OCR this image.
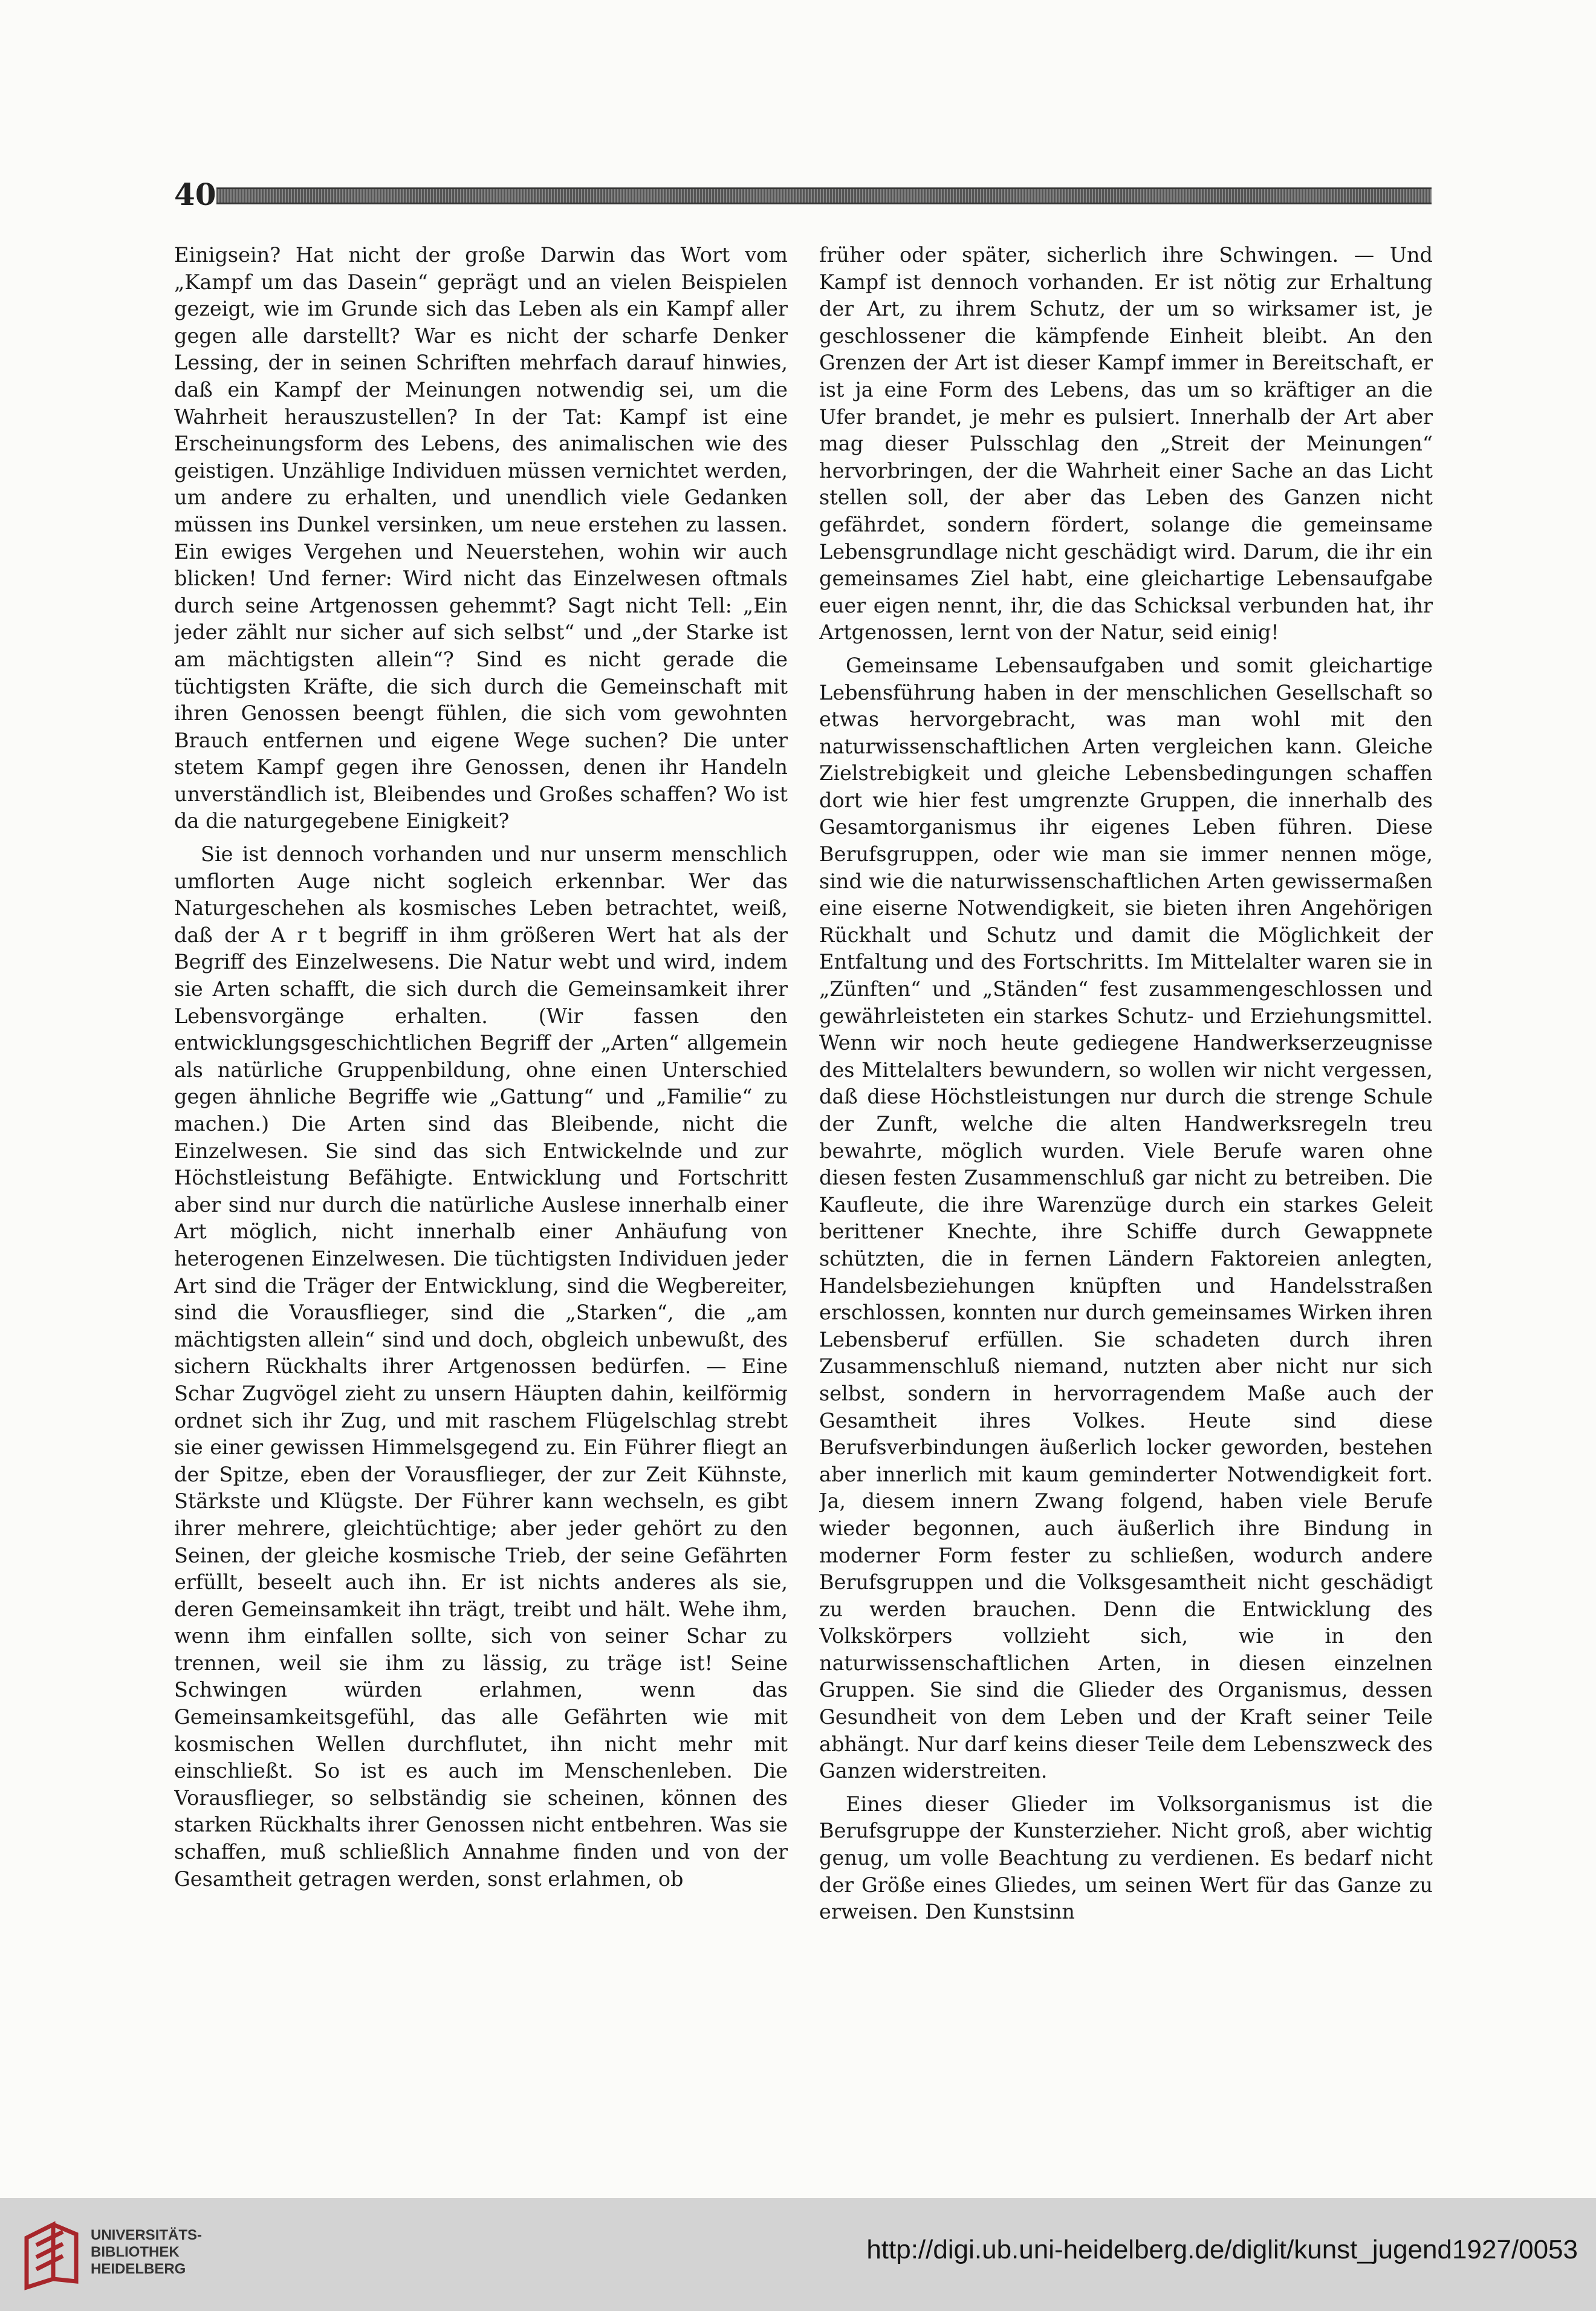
40

Einigsein? Hat nicht der große Darwin das Wort vom „Kampf um das Dasein“ geprägt und an vielen Beispielen gezeigt, wie im Grunde sich das Leben als ein Kampf aller gegen alle darstellt? War es nicht der scharfe Denker Lessing, der in seinen Schriften mehrfach darauf hinwies, daß ein Kampf der Meinungen notwendig sei, um die Wahrheit herauszustellen? In der Tat: Kampf ist eine Erscheinungsform des Lebens, des animalischen wie des geistigen. Unzählige Individuen müssen vernichtet werden, um andere zu erhalten, und unendlich viele Gedanken müssen ins Dunkel versinken, um neue erstehen zu lassen. Ein ewiges Vergehen und Neuerstehen, wohin wir auch blicken! Und ferner: Wird nicht das Einzelwesen oftmals durch seine Artgenossen gehemmt? Sagt nicht Tell: „Ein jeder zählt nur sicher auf sich selbst“ und „der Starke ist am mächtigsten allein“? Sind es nicht gerade die tüchtigsten Kräfte, die sich durch die Gemeinschaft mit ihren Genossen beengt fühlen, die sich vom gewohnten Brauch entfernen und eigene Wege suchen? Die unter stetem Kampf gegen ihre Genossen, denen ihr Handeln unverständlich ist, Bleibendes und Großes schaffen? Wo ist da die naturgegebene Einigkeit?

Sie ist dennoch vorhanden und nur unserm menschlich umflorten Auge nicht sogleich erkennbar. Wer das Naturgeschehen als kosmisches Leben betrachtet, weiß, daß der A r t begriff in ihm größeren Wert hat als der Begriff des Einzelwesens. Die Natur webt und wird, indem sie Arten schafft, die sich durch die Gemeinsamkeit ihrer Lebensvorgänge erhalten. (Wir fassen den entwicklungsgeschichtlichen Begriff der „Arten“ allgemein als natürliche Gruppenbildung, ohne einen Unterschied gegen ähnliche Begriffe wie „Gattung“ und „Familie“ zu machen.) Die Arten sind das Bleibende, nicht die Einzelwesen. Sie sind das sich Entwickelnde und zur Höchstleistung Befähigte. Entwicklung und Fortschritt aber sind nur durch die natürliche Auslese innerhalb einer Art möglich, nicht innerhalb einer Anhäufung von heterogenen Einzelwesen. Die tüchtigsten Individuen jeder Art sind die Träger der Entwicklung, sind die Wegbereiter, sind die Vorausflieger, sind die „Starken“, die „am mächtigsten allein“ sind und doch, obgleich unbewußt, des sichern Rückhalts ihrer Artgenossen bedürfen. — Eine Schar Zugvögel zieht zu unsern Häupten dahin, keilförmig ordnet sich ihr Zug, und mit raschem Flügelschlag strebt sie einer gewissen Himmelsgegend zu. Ein Führer fliegt an der Spitze, eben der Vorausflieger, der zur Zeit Kühnste, Stärkste und Klügste. Der Führer kann wechseln, es gibt ihrer mehrere, gleichtüchtige; aber jeder gehört zu den Seinen, der gleiche kosmische Trieb, der seine Gefährten erfüllt, beseelt auch ihn. Er ist nichts anderes als sie, deren Gemeinsamkeit ihn trägt, treibt und hält. Wehe ihm, wenn ihm einfallen sollte, sich von seiner Schar zu trennen, weil sie ihm zu lässig, zu träge ist! Seine Schwingen würden erlahmen, wenn das Gemeinsamkeitsgefühl, das alle Gefährten wie mit kosmischen Wellen durchflutet, ihn nicht mehr mit einschließt. So ist es auch im Menschenleben. Die Vorausflieger, so selbständig sie scheinen, können des starken Rückhalts ihrer Genossen nicht entbehren. Was sie schaffen, muß schließlich Annahme finden und von der Gesamtheit getragen werden, sonst erlahmen, ob

früher oder später, sicherlich ihre Schwingen. — Und Kampf ist dennoch vorhanden. Er ist nötig zur Erhaltung der Art, zu ihrem Schutz, der um so wirksamer ist, je geschlossener die kämpfende Einheit bleibt. An den Grenzen der Art ist dieser Kampf immer in Bereitschaft, er ist ja eine Form des Lebens, das um so kräftiger an die Ufer brandet, je mehr es pulsiert. Innerhalb der Art aber mag dieser Pulsschlag den „Streit der Meinungen“ hervorbringen, der die Wahrheit einer Sache an das Licht stellen soll, der aber das Leben des Ganzen nicht gefährdet, sondern fördert, solange die gemeinsame Lebensgrundlage nicht geschädigt wird. Darum, die ihr ein gemeinsames Ziel habt, eine gleichartige Lebensaufgabe euer eigen nennt, ihr, die das Schicksal verbunden hat, ihr Artgenossen, lernt von der Natur, seid einig!

Gemeinsame Lebensaufgaben und somit gleichartige Lebensführung haben in der menschlichen Gesellschaft so etwas hervorgebracht, was man wohl mit den naturwissenschaftlichen Arten vergleichen kann. Gleiche Zielstrebigkeit und gleiche Lebensbedingungen schaffen dort wie hier fest umgrenzte Gruppen, die innerhalb des Gesamtorganismus ihr eigenes Leben führen. Diese Berufsgruppen, oder wie man sie immer nennen möge, sind wie die naturwissenschaftlichen Arten gewissermaßen eine eiserne Notwendigkeit, sie bieten ihren Angehörigen Rückhalt und Schutz und damit die Möglichkeit der Entfaltung und des Fortschritts. Im Mittelalter waren sie in „Zünften“ und „Ständen“ fest zusammengeschlossen und gewährleisteten ein starkes Schutz- und Erziehungsmittel. Wenn wir noch heute gediegene Handwerkserzeugnisse des Mittelalters bewundern, so wollen wir nicht vergessen, daß diese Höchstleistungen nur durch die strenge Schule der Zunft, welche die alten Handwerksregeln treu bewahrte, möglich wurden. Viele Berufe waren ohne diesen festen Zusammenschluß gar nicht zu betreiben. Die Kaufleute, die ihre Warenzüge durch ein starkes Geleit berittener Knechte, ihre Schiffe durch Gewappnete schützten, die in fernen Ländern Faktoreien anlegten, Handelsbeziehungen knüpften und Handelsstraßen erschlossen, konnten nur durch gemeinsames Wirken ihren Lebensberuf erfüllen. Sie schadeten durch ihren Zusammenschluß niemand, nutzten aber nicht nur sich selbst, sondern in hervorragendem Maße auch der Gesamtheit ihres Volkes. Heute sind diese Berufsverbindungen äußerlich locker geworden, bestehen aber innerlich mit kaum geminderter Notwendigkeit fort. Ja, diesem innern Zwang folgend, haben viele Berufe wieder begonnen, auch äußerlich ihre Bindung in moderner Form fester zu schließen, wodurch andere Berufsgruppen und die Volksgesamtheit nicht geschädigt zu werden brauchen. Denn die Entwicklung des Volkskörpers vollzieht sich, wie in den naturwissenschaftlichen Arten, in diesen einzelnen Gruppen. Sie sind die Glieder des Organismus, dessen Gesundheit von dem Leben und der Kraft seiner Teile abhängt. Nur darf keins dieser Teile dem Lebenszweck des Ganzen widerstreiten.

Eines dieser Glieder im Volksorganismus ist die Berufsgruppe der Kunsterzieher. Nicht groß, aber wichtig genug, um volle Beachtung zu verdienen. Es bedarf nicht der Größe eines Gliedes, um seinen Wert für das Ganze zu erweisen. Den Kunstsinn

UNIVERSITÄTS-
BIBLIOTHEK
HEIDELBERG
http://digi.ub.uni-heidelberg.de/diglit/kunst_jugend1927/0053
